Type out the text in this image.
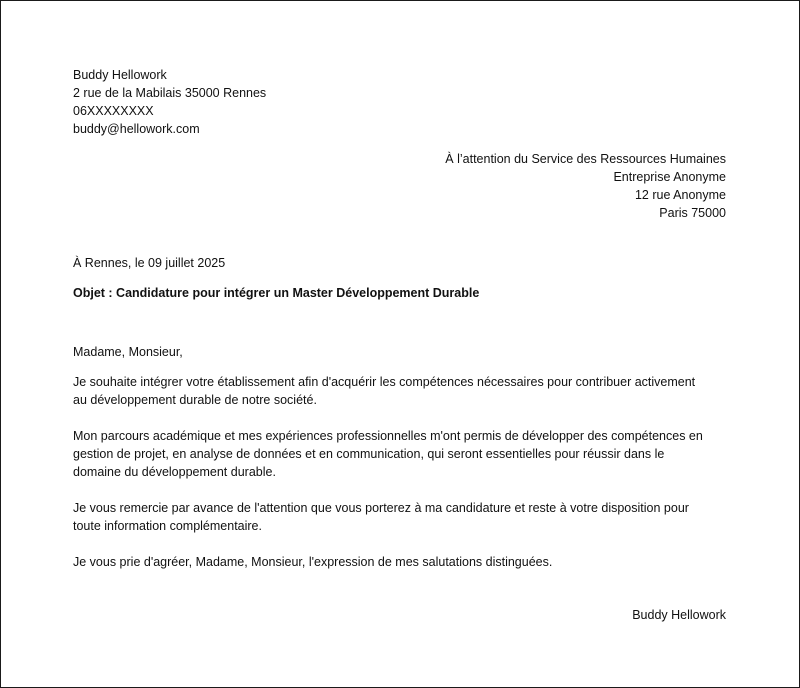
Buddy Hellowork
2 rue de la Mabilais 35000 Rennes
06XXXXXXXX
buddy@hellowork.com
À l’attention du Service des Ressources Humaines
Entreprise Anonyme
12 rue Anonyme
Paris 75000
À Rennes, le 09 juillet 2025
Objet : Candidature pour intégrer un Master Développement Durable
Madame, Monsieur,
Je souhaite intégrer votre établissement afin d'acquérir les compétences nécessaires pour contribuer activement
au développement durable de notre société.
Mon parcours académique et mes expériences professionnelles m'ont permis de développer des compétences en
gestion de projet, en analyse de données et en communication, qui seront essentielles pour réussir dans le
domaine du développement durable.
Je vous remercie par avance de l'attention que vous porterez à ma candidature et reste à votre disposition pour
toute information complémentaire.
Je vous prie d'agréer, Madame, Monsieur, l'expression de mes salutations distinguées.
Buddy Hellowork
